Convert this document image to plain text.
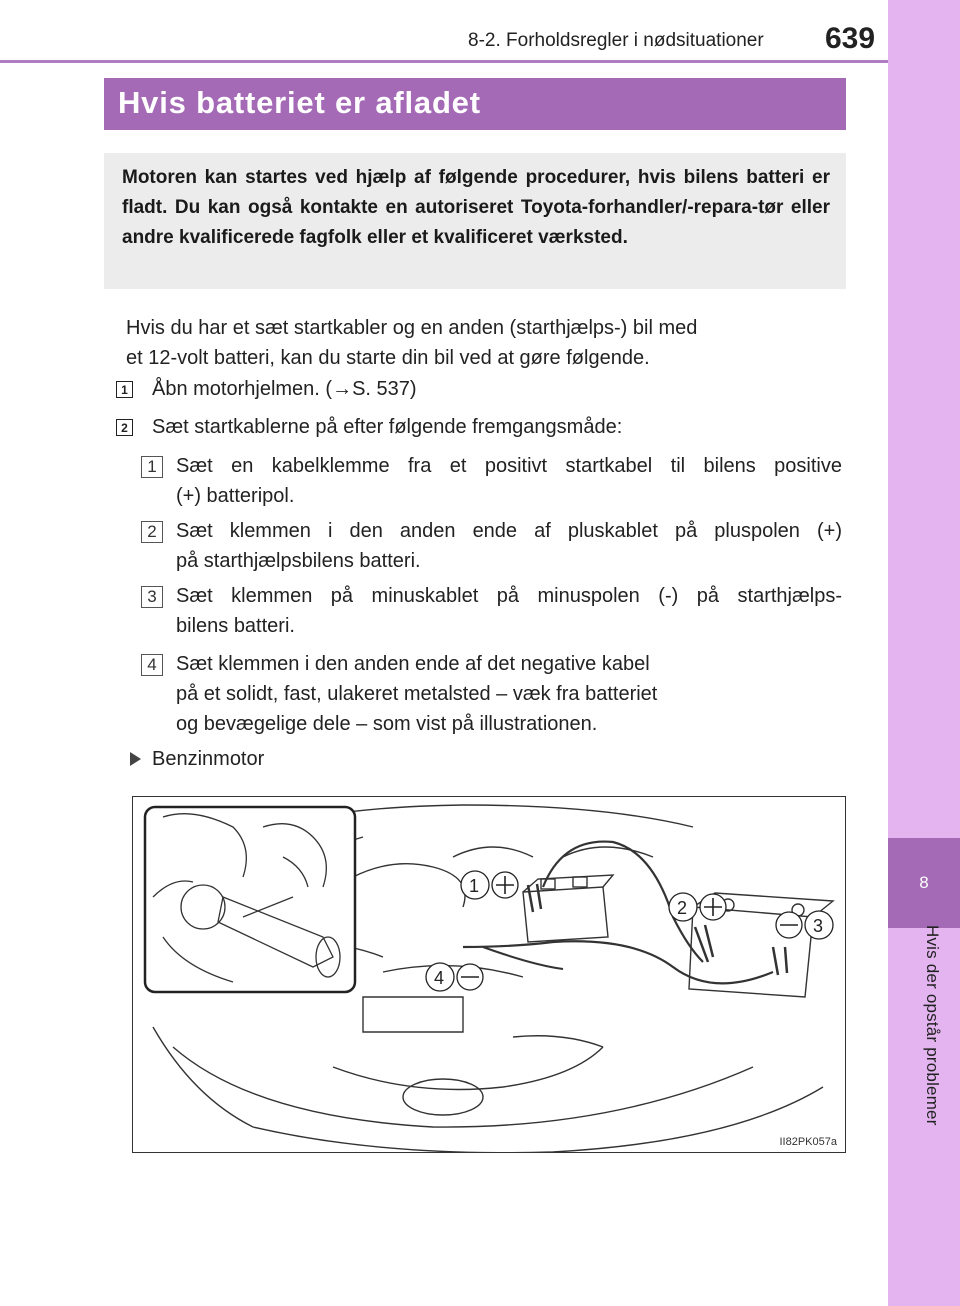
8
Hvis der opstår problemer
8-2. Forholdsregler i nødsituationer 639
Hvis batteriet er afladet

Motoren kan startes ved hjælp af følgende procedurer, hvis bilens batteri er fladt. Du kan også kontakte en autoriseret Toyota-forhandler/-repara-tør eller andre kvalificerede fagfolk eller et kvalificeret værksted.

Hvis du har et sæt startkabler og en anden (starthjælps-) bil med
et 12-volt batteri, kan du starte din bil ved at gøre følgende.
1 Åbn motorhjelmen. (→S. 537)
2 Sæt startkablerne på efter følgende fremgangsmåde:
1 Sæt en kabelklemme fra et positivt startkabel til bilens positive
(+) batteripol.
2 Sæt klemmen i den anden ende af pluskablet på pluspolen (+)
på starthjælpsbilens batteri.
3 Sæt klemmen på minuskablet på minuspolen (-) på starthjælps-
bilens batteri.
4 Sæt klemmen i den anden ende af det negative kabel
på et solidt, fast, ulakeret metalsted – væk fra batteriet
og bevægelige dele – som vist på illustrationen.
Benzinmotor
1
2
3
4
II82PK057a
